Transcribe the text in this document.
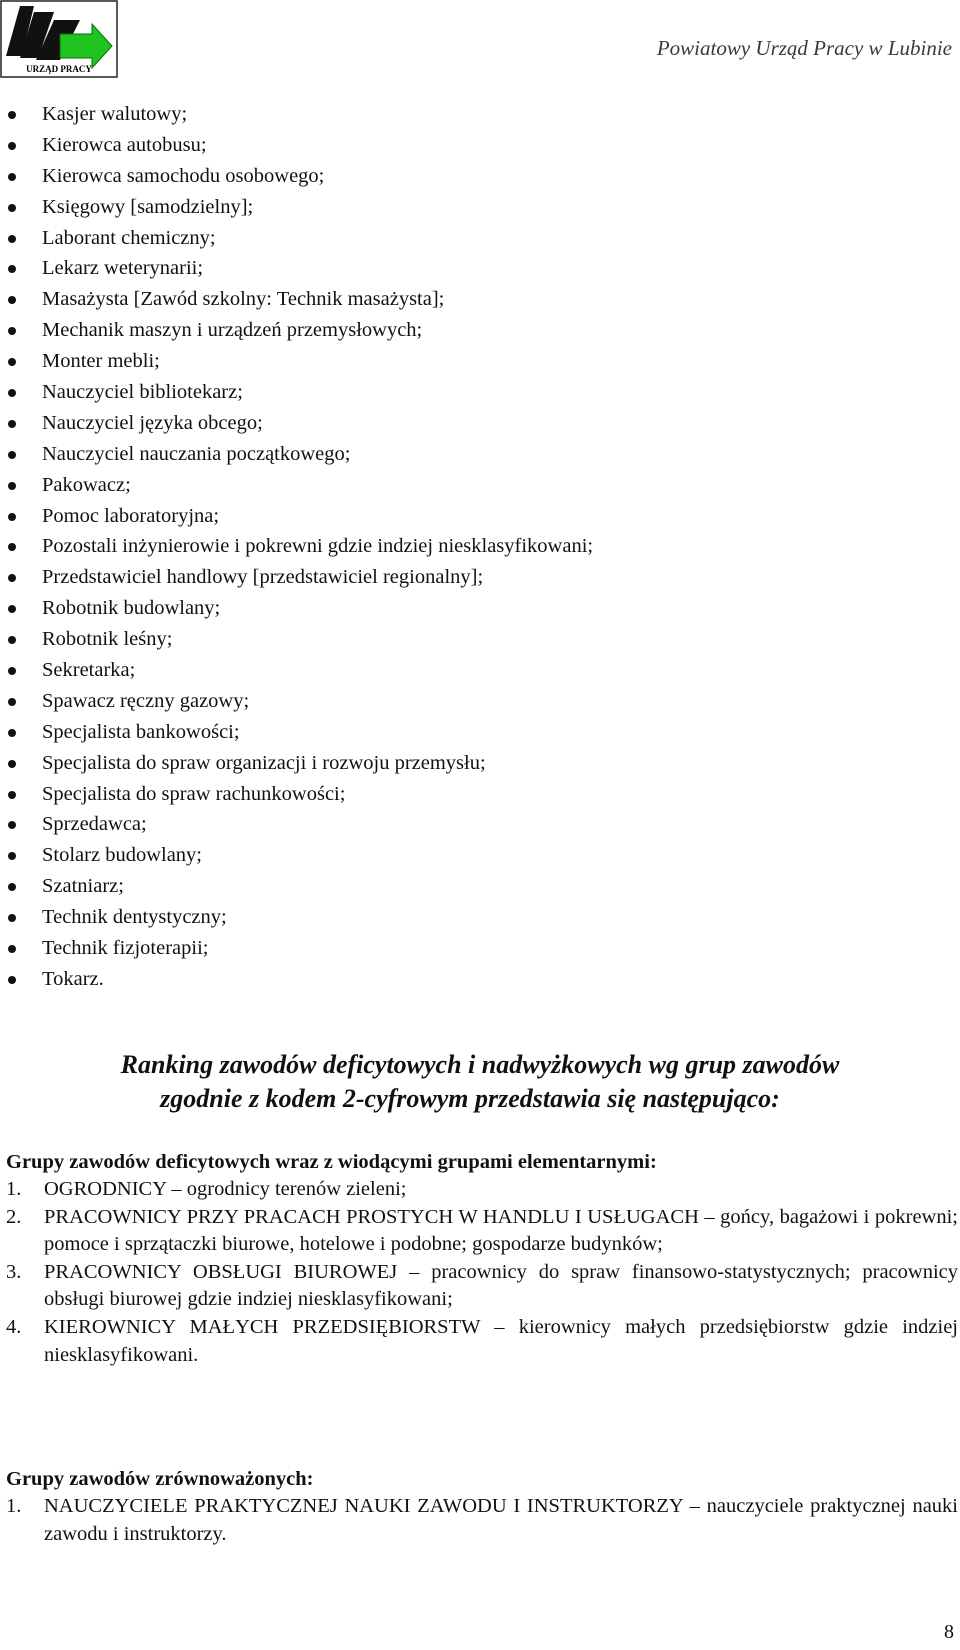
URZĄD PRACY
Powiatowy Urząd Pracy w Lubinie
Kasjer walutowy;
Kierowca autobusu;
Kierowca samochodu osobowego;
Księgowy [samodzielny];
Laborant chemiczny;
Lekarz weterynarii;
Masażysta [Zawód szkolny: Technik masażysta];
Mechanik maszyn i urządzeń przemysłowych;
Monter mebli;
Nauczyciel bibliotekarz;
Nauczyciel języka obcego;
Nauczyciel nauczania początkowego;
Pakowacz;
Pomoc laboratoryjna;
Pozostali inżynierowie i pokrewni gdzie indziej niesklasyfikowani;
Przedstawiciel handlowy [przedstawiciel regionalny];
Robotnik budowlany;
Robotnik leśny;
Sekretarka;
Spawacz ręczny gazowy;
Specjalista bankowości;
Specjalista do spraw organizacji i rozwoju przemysłu;
Specjalista do spraw rachunkowości;
Sprzedawca;
Stolarz budowlany;
Szatniarz;
Technik dentystyczny;
Technik fizjoterapii;
Tokarz.
Ranking zawodów deficytowych i nadwyżkowych wg grup zawodów
zgodnie z kodem 2-cyfrowym przedstawia się następująco:
Grupy zawodów deficytowych wraz z wiodącymi grupami elementarnymi:
1. OGRODNICY – ogrodnicy terenów zieleni;
2. PRACOWNICY PRZY PRACACH PROSTYCH W HANDLU I USŁUGACH – gońcy, bagażowi i pokrewni; pomoce i sprzątaczki biurowe, hotelowe i podobne; gospodarze budynków;
3. PRACOWNICY OBSŁUGI BIUROWEJ – pracownicy do spraw finansowo-statystycznych; pracownicy obsługi biurowej gdzie indziej niesklasyfikowani;
4. KIEROWNICY MAŁYCH PRZEDSIĘBIORSTW – kierownicy małych przedsiębiorstw gdzie indziej niesklasyfikowani.
Grupy zawodów zrównoważonych:
1. NAUCZYCIELE PRAKTYCZNEJ NAUKI ZAWODU I INSTRUKTORZY – nauczyciele praktycznej nauki zawodu i instruktorzy.
8
